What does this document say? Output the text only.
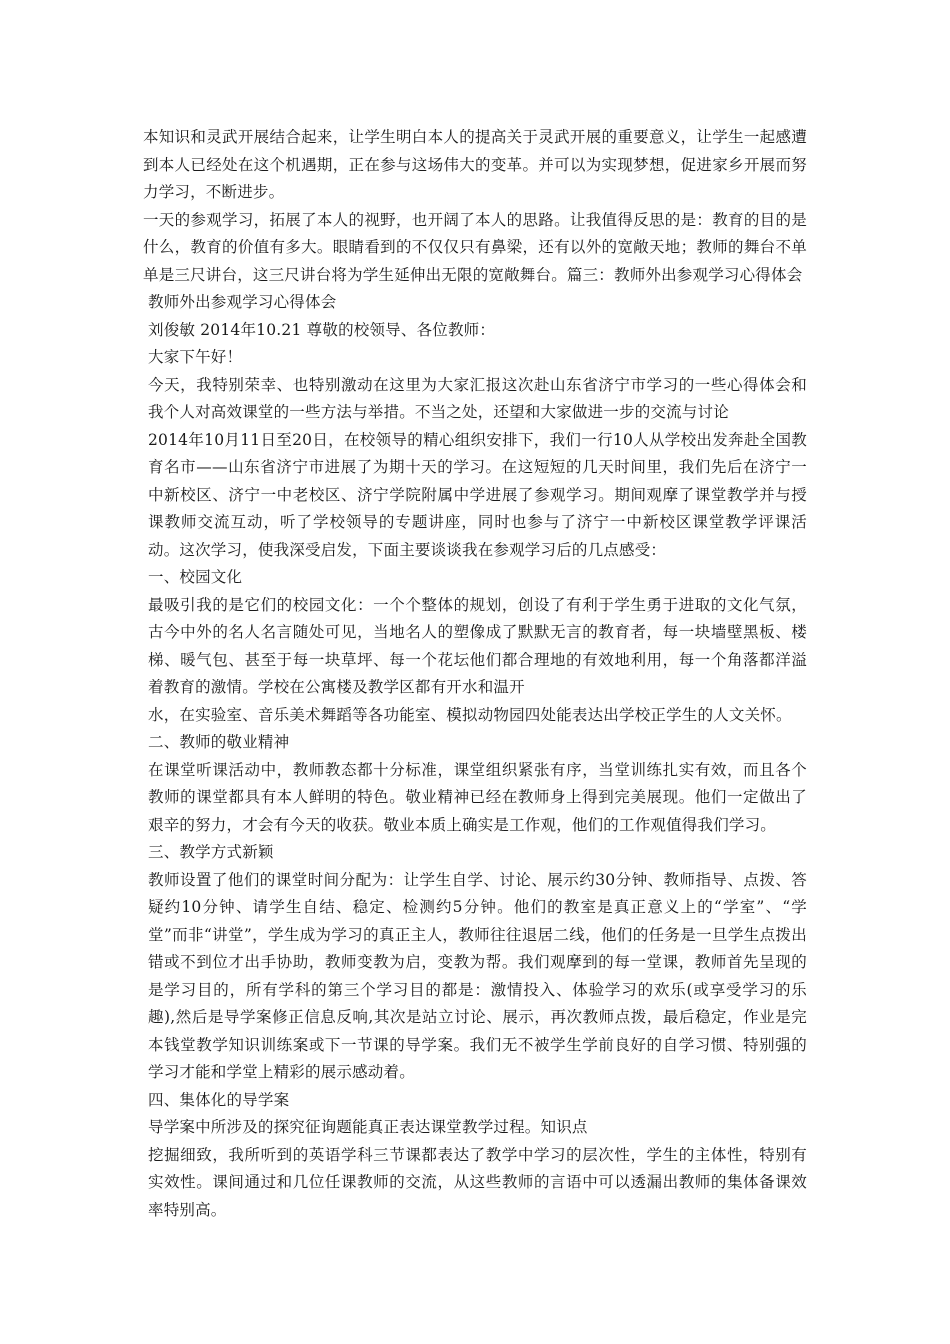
本知识和灵武开展结合起来，让学生明白本人的提高关于灵武开展的重要意义，让学生一起感遭到本人已经处在这个机遇期，正在参与这场伟大的变革。并可以为实现梦想，促进家乡开展而努力学习，不断进步。

一天的参观学习，拓展了本人的视野，也开阔了本人的思路。让我值得反思的是：教育的目的是什么，教育的价值有多大。眼睛看到的不仅仅只有鼻梁，还有以外的宽敞天地；教师的舞台不单单是三尺讲台，这三尺讲台将为学生延伸出无限的宽敞舞台。篇三：教师外出参观学习心得体会

教师外出参观学习心得体会

刘俊敏 2014年10.21 尊敬的校领导、各位教师：

大家下午好！

今天，我特别荣幸、也特别激动在这里为大家汇报这次赴山东省济宁市学习的一些心得体会和我个人对高效课堂的一些方法与举措。不当之处，还望和大家做进一步的交流与讨论

2014年10月11日至20日，在校领导的精心组织安排下，我们一行10人从学校出发奔赴全国教育名市——山东省济宁市进展了为期十天的学习。在这短短的几天时间里，我们先后在济宁一中新校区、济宁一中老校区、济宁学院附属中学进展了参观学习。期间观摩了课堂教学并与授课教师交流互动，听了学校领导的专题讲座，同时也参与了济宁一中新校区课堂教学评课活动。这次学习，使我深受启发，下面主要谈谈我在参观学习后的几点感受：

一、校园文化

最吸引我的是它们的校园文化：一个个整体的规划，创设了有利于学生勇于进取的文化气氛，古今中外的名人名言随处可见，当地名人的塑像成了默默无言的教育者，每一块墙壁黑板、楼梯、暖气包、甚至于每一块草坪、每一个花坛他们都合理地的有效地利用，每一个角落都洋溢着教育的激情。学校在公寓楼及教学区都有开水和温开

水，在实验室、音乐美术舞蹈等各功能室、模拟动物园四处能表达出学校正学生的人文关怀。

二、教师的敬业精神

在课堂听课活动中，教师教态都十分标准，课堂组织紧张有序，当堂训练扎实有效，而且各个教师的课堂都具有本人鲜明的特色。敬业精神已经在教师身上得到完美展现。他们一定做出了艰辛的努力，才会有今天的收获。敬业本质上确实是工作观，他们的工作观值得我们学习。

三、教学方式新颖

教师设置了他们的课堂时间分配为：让学生自学、讨论、展示约30分钟、教师指导、点拨、答疑约10分钟、请学生自结、稳定、检测约5分钟。他们的教室是真正意义上的“学室”、“学堂”而非“讲堂”，学生成为学习的真正主人，教师往往退居二线，他们的任务是一旦学生点拨出错或不到位才出手协助，教师变教为启，变教为帮。我们观摩到的每一堂课，教师首先呈现的是学习目的，所有学科的第三个学习目的都是：激情投入、体验学习的欢乐(或享受学习的乐趣),然后是导学案修正信息反响,其次是站立讨论、展示，再次教师点拨，最后稳定，作业是完本钱堂教学知识训练案或下一节课的导学案。我们无不被学生学前良好的自学习惯、特别强的学习才能和学堂上精彩的展示感动着。

四、集体化的导学案

导学案中所涉及的探究征询题能真正表达课堂教学过程。知识点

挖掘细致，我所听到的英语学科三节课都表达了教学中学习的层次性，学生的主体性，特别有实效性。课间通过和几位任课教师的交流，从这些教师的言语中可以透漏出教师的集体备课效率特别高。
